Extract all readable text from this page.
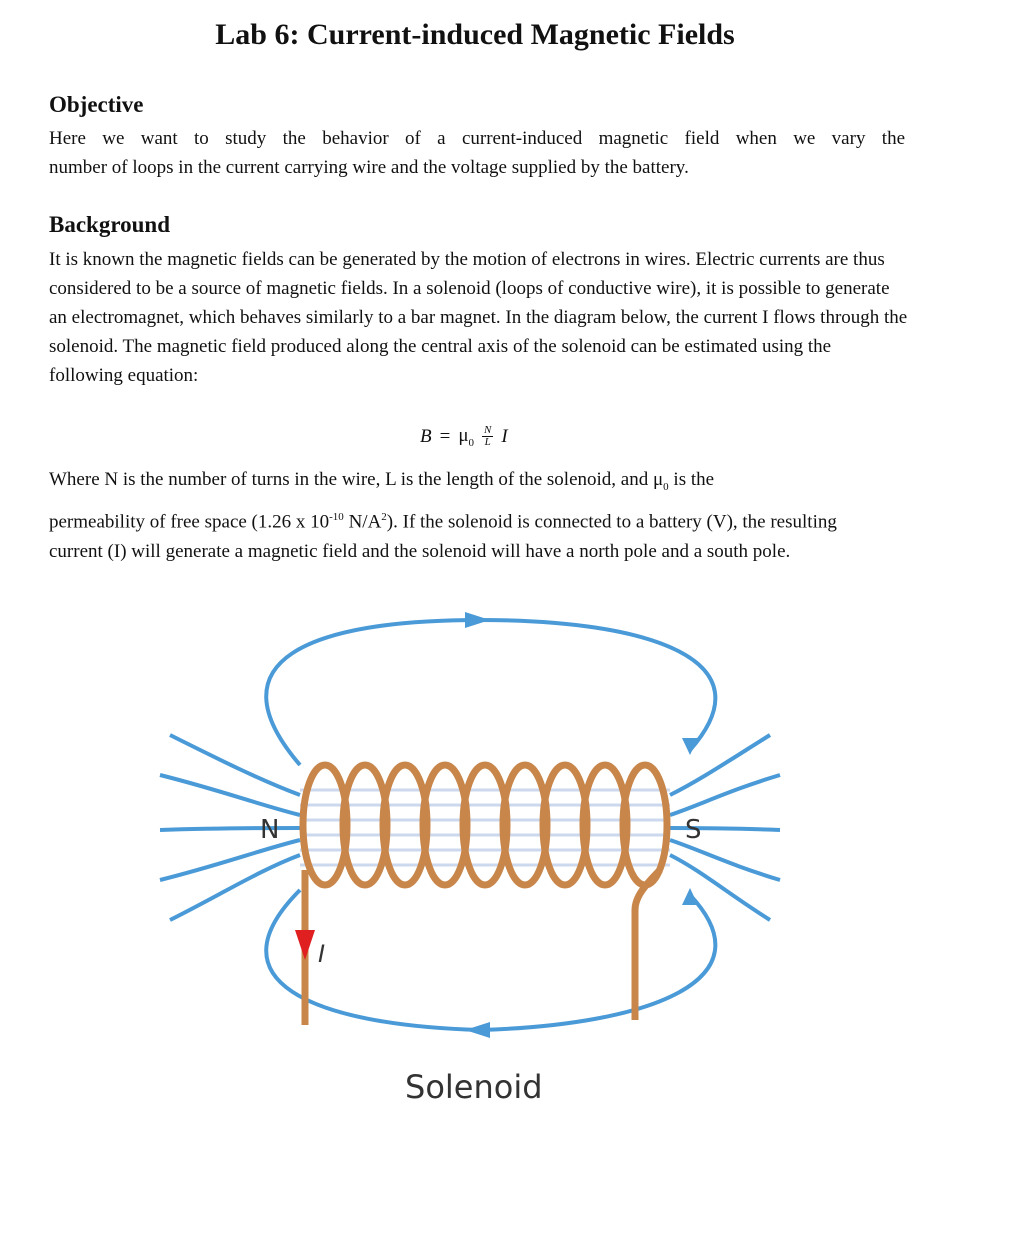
Lab 6: Current-induced Magnetic Fields
Objective
Here we want to study the behavior of a current-induced magnetic field when we vary the
number of loops in the current carrying wire and the voltage supplied by the battery.
Background
It is known the magnetic fields can be generated by the motion of electrons in wires. Electric currents are thus considered to be a source of magnetic fields. In a solenoid (loops of conductive wire), it is possible to generate an electromagnet, which behaves similarly to a bar magnet. In the diagram below, the current I flows through the solenoid. The magnetic field produced along the central axis of the solenoid can be estimated using the following equation:
$B = \mu_0 \frac{N}{L}$ I
Where N is the number of turns in the wire, L is the length of the solenoid, and $\mu_0$ is the
permeability of free space (1.26 x $10^{-10}$ $N/A^2$). If the solenoid is connected to a battery (V), the resulting current (I) will generate a magnetic field and the solenoid will have a north pole and a south pole.
N	S
I
Solenoid
